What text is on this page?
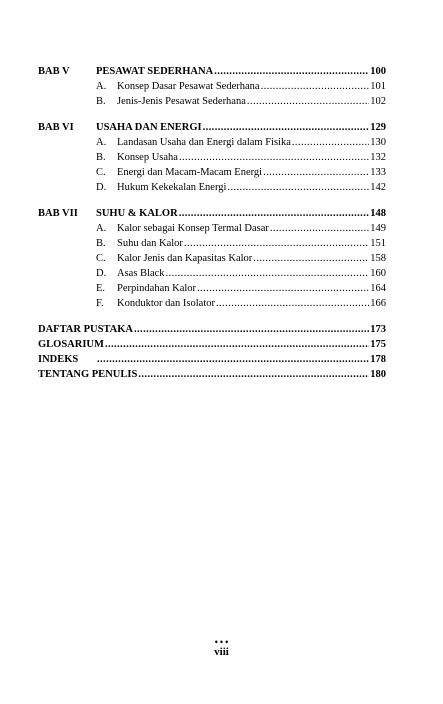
BAB V	PESAWAT SEDERHANA .....	100
A.	Konsep Dasar Pesawat Sederhana .....	101
B.	Jenis-Jenis Pesawat Sederhana .....	102
BAB VI	USAHA DAN ENERGI .....	129
A.	Landasan Usaha dan Energi dalam Fisika .....	130
B.	Konsep Usaha .....	132
C.	Energi dan Macam-Macam Energi .....	133
D.	Hukum Kekekalan Energi .....	142
BAB VII	SUHU & KALOR .....	148
A.	Kalor sebagai Konsep Termal Dasar .....	149
B.	Suhu dan Kalor .....	151
C.	Kalor Jenis dan Kapasitas Kalor .....	158
D.	Asas Black .....	160
E.	Perpindahan Kalor .....	164
F.	Konduktor dan Isolator .....	166
DAFTAR PUSTAKA .....	173
GLOSARIUM .....	175
INDEKS .....	178
TENTANG PENULIS .....	180
•••
viii
